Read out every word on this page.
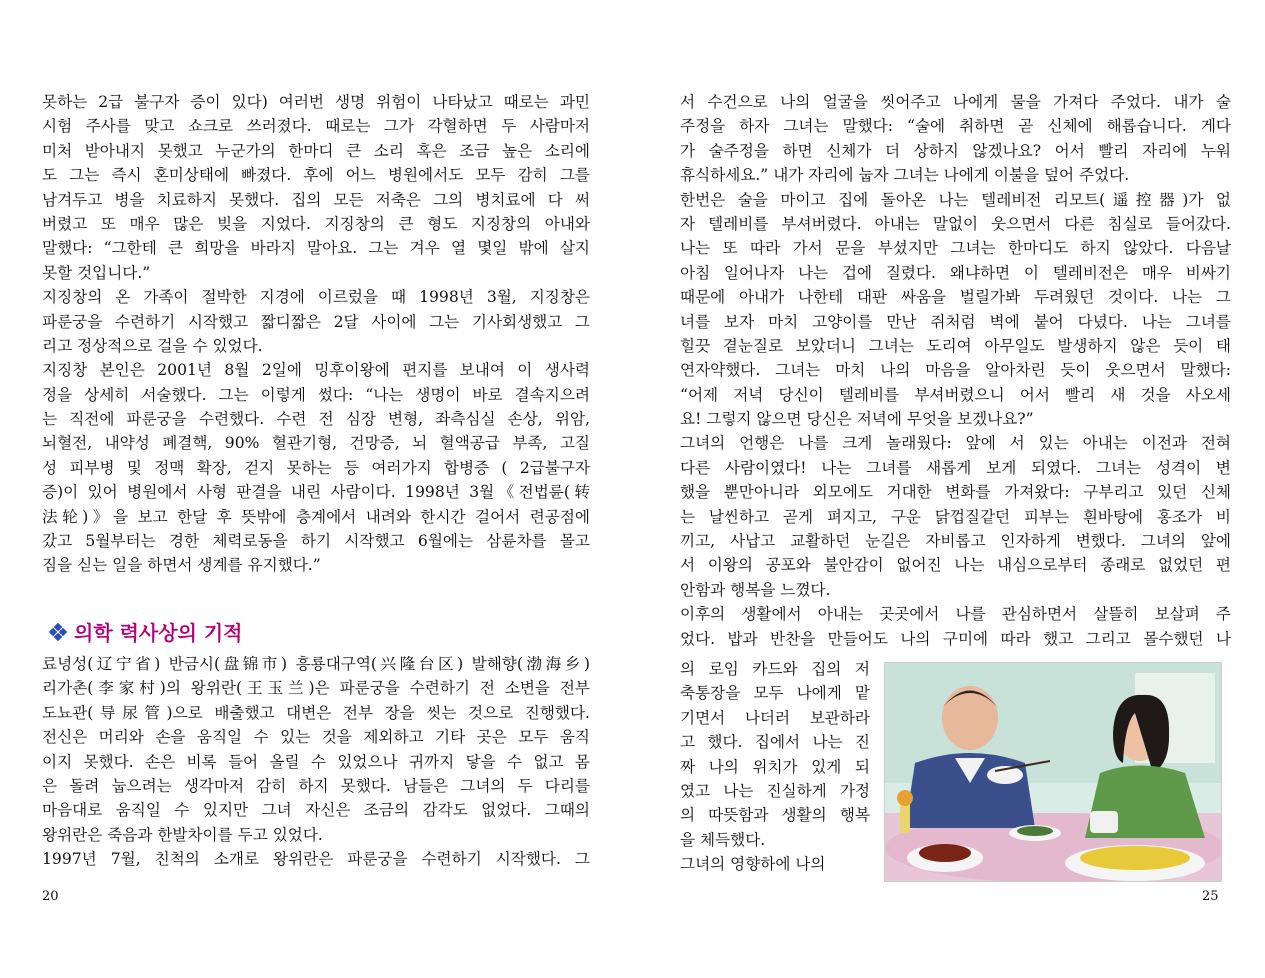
못하는 2급 불구자 증이 있다) 여러번 생명 위험이 나타났고 때로는 과민
시험 주사를 맞고 쇼크로 쓰러졌다. 때로는 그가 각혈하면 두 사람마저
미처 받아내지 못했고 누군가의 한마디 큰 소리 혹은 조금 높은 소리에
도 그는 즉시 혼미상태에 빠졌다. 후에 어느 병원에서도 모두 감히 그를
남겨두고 병을 치료하지 못했다. 집의 모든 저축은 그의 병치료에 다 써
버렸고 또 매우 많은 빚을 지었다. 지징창의 큰 형도 지징창의 아내와
말했다: “그한테 큰 희망을 바라지 말아요. 그는 겨우 열 몇일 밖에 살지
못할 것입니다.”
지징창의 온 가족이 절박한 지경에 이르렀을 때 1998년 3월, 지징창은
파룬궁을 수련하기 시작했고 짧디짧은 2달 사이에 그는 기사회생했고 그
리고 정상적으로 걸을 수 있었다.
지징창 본인은 2001년 8월 2일에 밍후이왕에 편지를 보내여 이 생사력
정을 상세히 서술했다. 그는 이렇게 썼다: “나는 생명이 바로 결속지으려
는 직전에 파룬궁을 수련했다. 수련 전 심장 변형, 좌측심실 손상, 위암,
뇌혈전, 내약성 폐결핵, 90% 혈관기형, 건망증, 뇌 혈액공급 부족, 고질
성 피부병 및 정맥 확장, 걷지 못하는 등 여러가지 합병증 ( 2급불구자
증)이 있어 병원에서 사형 판결을 내린 사람이다. 1998년 3월《전법륜(转
法轮)》을 보고 한달 후 뜻밖에 층계에서 내려와 한시간 걸어서 련공점에
갔고 5월부터는 경한 체력로동을 하기 시작했고 6월에는 삼륜차를 몰고
짐을 싣는 일을 하면서 생계를 유지했다.”
의학 력사상의 기적
료녕성(辽宁省) 반금시(盘锦市) 흥룡대구역(兴隆台区) 발해향(渤海乡)
리가촌(李家村)의 왕위란(王玉兰)은 파룬궁을 수련하기 전 소변을 전부
도뇨관(导尿管)으로 배출했고 대변은 전부 장을 씻는 것으로 진행했다.
전신은 머리와 손을 움직일 수 있는 것을 제외하고 기타 곳은 모두 움직
이지 못했다. 손은 비록 들어 올릴 수 있었으나 귀까지 닿을 수 없고 몸
은 돌려 눕으려는 생각마저 감히 하지 못했다. 남들은 그녀의 두 다리를
마음대로 움직일 수 있지만 그녀 자신은 조금의 감각도 없었다. 그때의
왕위란은 죽음과 한발차이를 두고 있었다.
1997년 7월, 친척의 소개로 왕위란은 파룬궁을 수련하기 시작했다. 그
20
서 수건으로 나의 얼굴을 씻어주고 나에게 물을 가져다 주었다. 내가 술
주정을 하자 그녀는 말했다: “술에 취하면 곧 신체에 해롭습니다. 게다
가 술주정을 하면 신체가 더 상하지 않겠나요? 어서 빨리 자리에 누워
휴식하세요.” 내가 자리에 눕자 그녀는 나에게 이불을 덮어 주었다.
한번은 술을 마이고 집에 돌아온 나는 텔레비전 리모트(遥控器)가 없
자 텔레비를 부셔버렸다. 아내는 말없이 웃으면서 다른 침실로 들어갔다.
나는 또 따라 가서 문을 부셨지만 그녀는 한마디도 하지 않았다. 다음날
아침 일어나자 나는 겁에 질렸다. 왜냐하면 이 텔레비전은 매우 비싸기
때문에 아내가 나한테 대판 싸움을 벌릴가봐 두려웠던 것이다. 나는 그
녀를 보자 마치 고양이를 만난 쥐처럼 벽에 붙어 다녔다. 나는 그녀를
힐끗 곁눈질로 보았더니 그녀는 도리여 아무일도 발생하지 않은 듯이 태
연자약했다. 그녀는 마치 나의 마음을 알아차린 듯이 웃으면서 말했다:
“어제 저녁 당신이 텔레비를 부셔버렸으니 어서 빨리 새 것을 사오세
요! 그렇지 않으면 당신은 저녁에 무엇을 보겠나요?”
그녀의 언행은 나를 크게 놀래웠다: 앞에 서 있는 아내는 이전과 전혀
다른 사람이였다! 나는 그녀를 새롭게 보게 되였다. 그녀는 성격이 변
했을 뿐만아니라 외모에도 거대한 변화를 가져왔다: 구부리고 있던 신체
는 날씬하고 곧게 펴지고, 구운 닭껍질같던 피부는 흰바탕에 홍조가 비
끼고, 사납고 교활하던 눈길은 자비롭고 인자하게 변했다. 그녀의 앞에
서 이왕의 공포와 불안감이 없어진 나는 내심으로부터 종래로 없었던 편
안함과 행복을 느꼈다.
이후의 생활에서 아내는 곳곳에서 나를 관심하면서 살뜰히 보살펴 주
었다. 밥과 반찬을 만들어도 나의 구미에 따라 했고 그리고 몰수했던 나
의 로임 카드와 집의 저
축통장을 모두 나에게 맡
기면서 나더러 보관하라
고 했다. 집에서 나는 진
짜 나의 위치가 있게 되
였고 나는 진실하게 가정
의 따뜻함과 생활의 행복
을 체득했다.
그녀의 영향하에 나의
25
